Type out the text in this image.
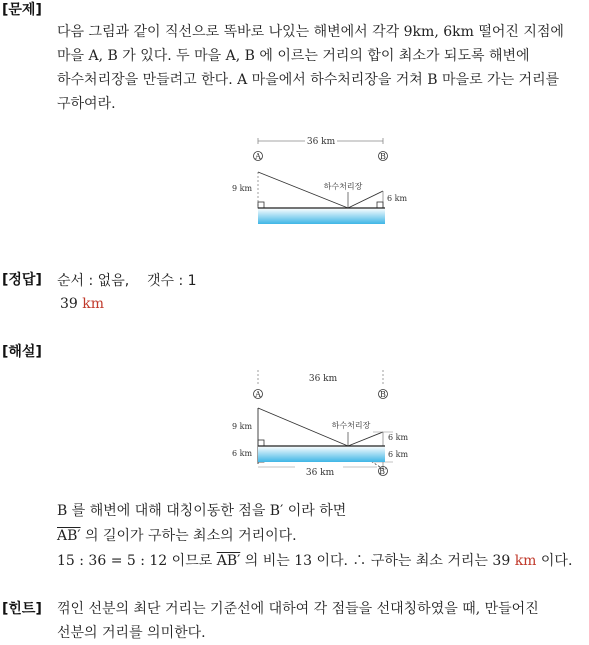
[문제]
다음 그림과 같이 직선으로 똑바로 나있는 해변에서 각각 9km, 6km 떨어진 지점에
마을 A, B 가 있다. 두 마을 A, B 에 이르는 거리의 합이 최소가 되도록 해변에
하수처리장을 만들려고 한다. A 마을에서 하수처리장을 거쳐 B 마을로 가는 거리를
구하여라.
36 km
A	B
9 km	하수처리장
6 km
[정답] 순서 : 없음,    갯수 : 1
39 km
[해설]
36 km
A	B
9 km
6 km
하수처리장
6 km
6 km
B′
36 km
B 를 해변에 대해 대칭이동한 점을 B′ 이라 하면
AB′ 의 길이가 구하는 최소의 거리이다.
15 : 36 = 5 : 12 이므로 AB′ 의 비는 13 이다. ∴ 구하는 최소 거리는 39 km 이다.
[힌트] 꺾인 선분의 최단 거리는 기준선에 대하여 각 점들을 선대칭하였을 때, 만들어진
선분의 거리를 의미한다.
